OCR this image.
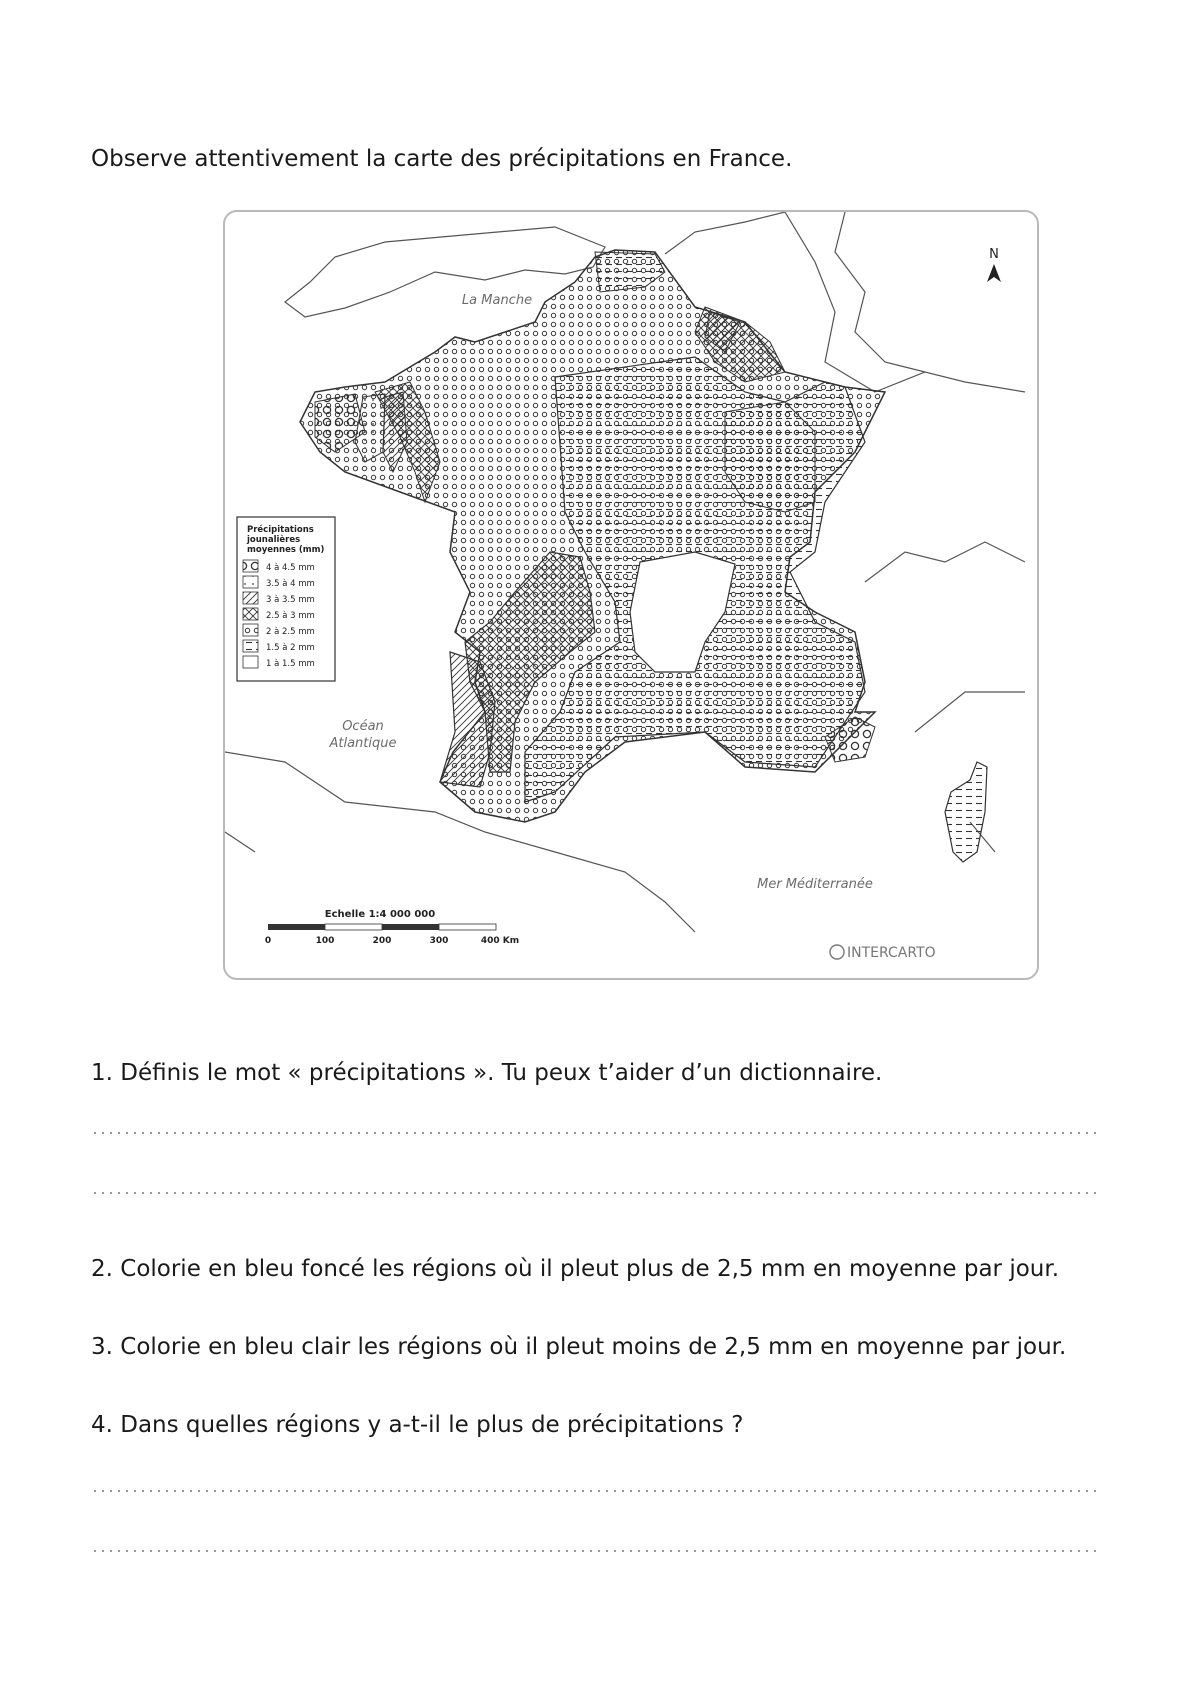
Observe attentivement la carte des précipitations en France.
La Manche
Océan
Atlantique
Mer Méditerranée
N
Précipitations
jounalières
moyennes (mm)
4 à 4.5 mm
3.5 à 4 mm
3 à 3.5 mm
2.5 à 3 mm
2 à 2.5 mm
1.5 à 2 mm
1 à 1.5 mm
Echelle 1:4 000 000
0	100	200	300	400 Km
INTERCARTO
1. Définis le mot « précipitations ». Tu peux t’aider d’un dictionnaire.
2. Colorie en bleu foncé les régions où il pleut plus de 2,5 mm en moyenne par jour.
3. Colorie en bleu clair les régions où il pleut moins de 2,5 mm en moyenne par jour.
4. Dans quelles régions y a-t-il le plus de précipitations ?
